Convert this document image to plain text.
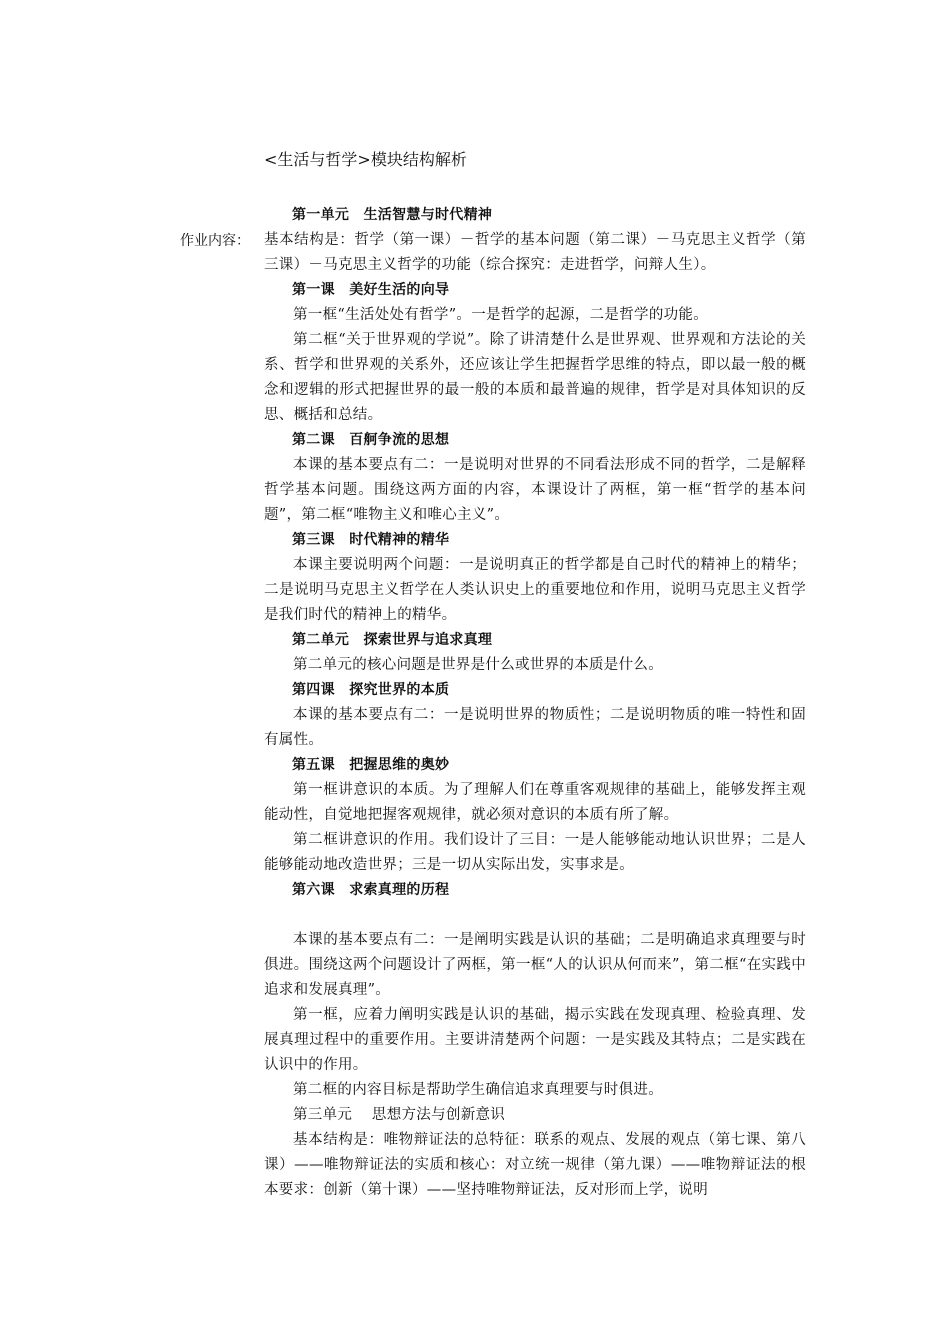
<生活与哲学>模块结构解析
作业内容：

第一单元　生活智慧与时代精神

基本结构是：哲学（第一课）－哲学的基本问题（第二课）－马克思主义哲学（第三课）－马克思主义哲学的功能（综合探究：走进哲学，问辩人生）。

第一课　美好生活的向导

第一框“生活处处有哲学”。一是哲学的起源，二是哲学的功能。

第二框“关于世界观的学说”。除了讲清楚什么是世界观、世界观和方法论的关系、哲学和世界观的关系外，还应该让学生把握哲学思维的特点，即以最一般的概念和逻辑的形式把握世界的最一般的本质和最普遍的规律，哲学是对具体知识的反思、概括和总结。

第二课　百舸争流的思想

本课的基本要点有二：一是说明对世界的不同看法形成不同的哲学，二是解释哲学基本问题。围绕这两方面的内容，本课设计了两框，第一框“哲学的基本问题”，第二框“唯物主义和唯心主义”。

第三课　时代精神的精华

本课主要说明两个问题：一是说明真正的哲学都是自己时代的精神上的精华；二是说明马克思主义哲学在人类认识史上的重要地位和作用，说明马克思主义哲学是我们时代的精神上的精华。

第二单元　探索世界与追求真理

第二单元的核心问题是世界是什么或世界的本质是什么。

第四课　探究世界的本质

本课的基本要点有二：一是说明世界的物质性；二是说明物质的唯一特性和固有属性。

第五课　把握思维的奥妙

第一框讲意识的本质。为了理解人们在尊重客观规律的基础上，能够发挥主观能动性，自觉地把握客观规律，就必须对意识的本质有所了解。

第二框讲意识的作用。我们设计了三目：一是人能够能动地认识世界；二是人能够能动地改造世界；三是一切从实际出发，实事求是。

第六课　求索真理的历程

本课的基本要点有二：一是阐明实践是认识的基础；二是明确追求真理要与时俱进。围绕这两个问题设计了两框，第一框“人的认识从何而来”，第二框“在实践中追求和发展真理”。

第一框，应着力阐明实践是认识的基础，揭示实践在发现真理、检验真理、发展真理过程中的重要作用。主要讲清楚两个问题：一是实践及其特点；二是实践在认识中的作用。

第二框的内容目标是帮助学生确信追求真理要与时俱进。

第三单元　 思想方法与创新意识

基本结构是：唯物辩证法的总特征：联系的观点、发展的观点（第七课、第八课）——唯物辩证法的实质和核心：对立统一规律（第九课）——唯物辩证法的根本要求：创新（第十课）——坚持唯物辩证法，反对形而上学，说明
